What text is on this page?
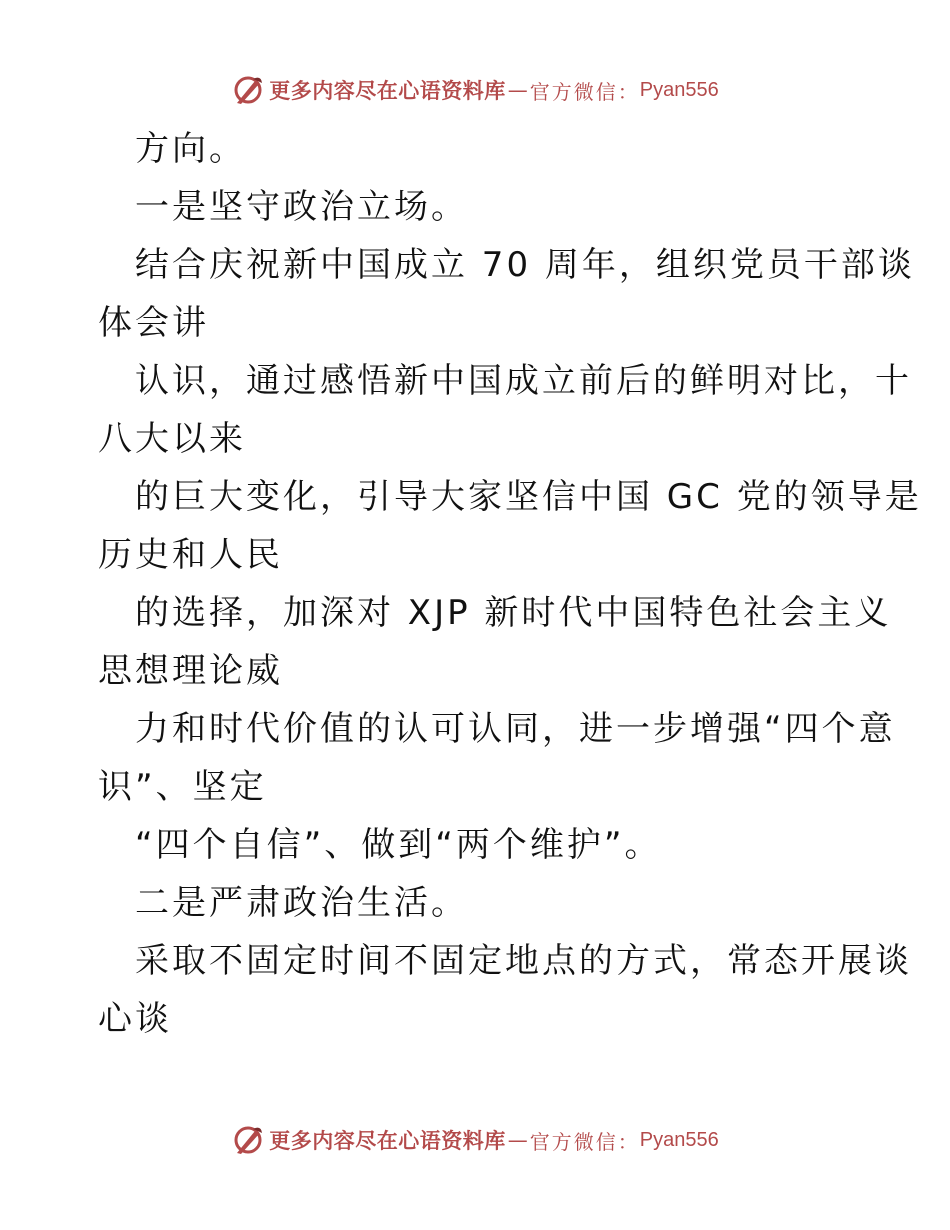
更多内容尽在心语资料库 — 官方微信： Pyan556
方向。
一是坚守政治立场。
结合庆祝新中国成立 70 周年，组织党员干部谈
体会讲
认识，通过感悟新中国成立前后的鲜明对比，十
八大以来
的巨大变化，引导大家坚信中国 GC 党的领导是
历史和人民
的选择，加深对 XJP 新时代中国特色社会主义
思想理论威
力和时代价值的认可认同，进一步增强“四个意
识”、坚定
“四个自信”、做到“两个维护”。
二是严肃政治生活。
采取不固定时间不固定地点的方式，常态开展谈
心谈
更多内容尽在心语资料库 — 官方微信： Pyan556
